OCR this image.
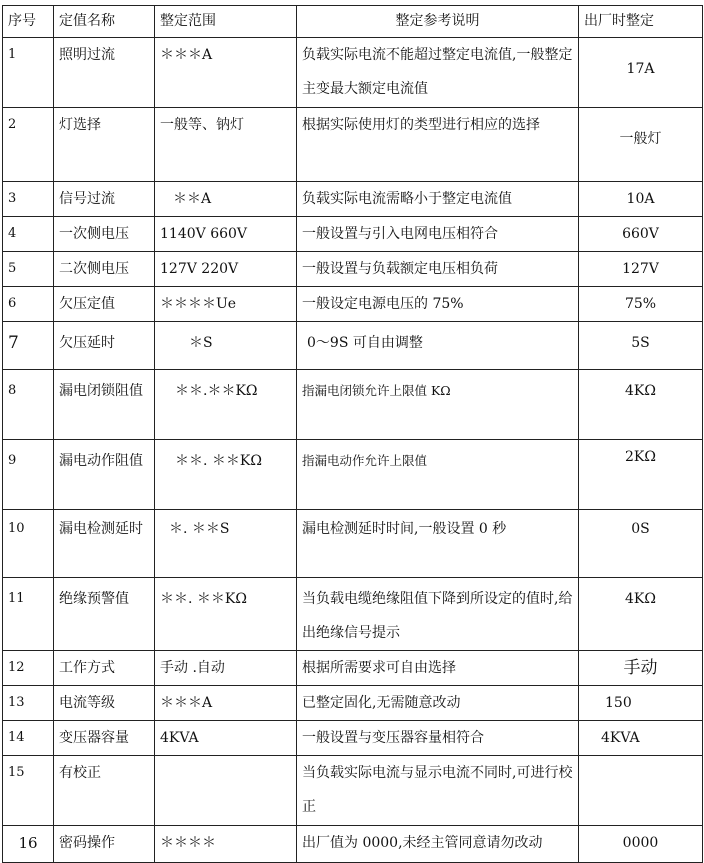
序号	定值名称	整定范围	整定参考说明	出厂时整定
1	照明过流	＊＊＊A	负载实际电流不能超过整定电流值,一般整定主变最大额定电流值	17A
2	灯选择	一般等、钠灯	根据实际使用灯的类型进行相应的选择	一般灯
3	信号过流	＊＊A	负载实际电流需略小于整定电流值	10A
4	一次侧电压	1140V 660V	一般设置与引入电网电压相符合	660V
5	二次侧电压	127V 220V	一般设置与负载额定电压相负荷	127V
6	欠压定值	＊＊＊＊Ue	一般设定电源电压的 75%	75%
7	欠压延时	＊S	0～9S 可自由调整	5S
8	漏电闭锁阻值	＊＊.＊＊KΩ	指漏电闭锁允许上限值 KΩ	4KΩ
9	漏电动作阻值	＊＊. ＊＊KΩ	指漏电动作允许上限值	2KΩ
10	漏电检测延时	＊. ＊＊S	漏电检测延时时间,一般设置 0 秒	0S
11	绝缘预警值	＊＊. ＊＊KΩ	当负载电缆绝缘阻值下降到所设定的值时,给出绝缘信号提示	4KΩ
12	工作方式	手动 .自动	根据所需要求可自由选择	手动
13	电流等级	＊＊＊A	已整定固化,无需随意改动	150
14	变压器容量	4KVA	一般设置与变压器容量相符合	4KVA
15	有校正		当负载实际电流与显示电流不同时,可进行校正	
16	密码操作	＊＊＊＊	出厂值为 0000,未经主管同意请勿改动	0000
